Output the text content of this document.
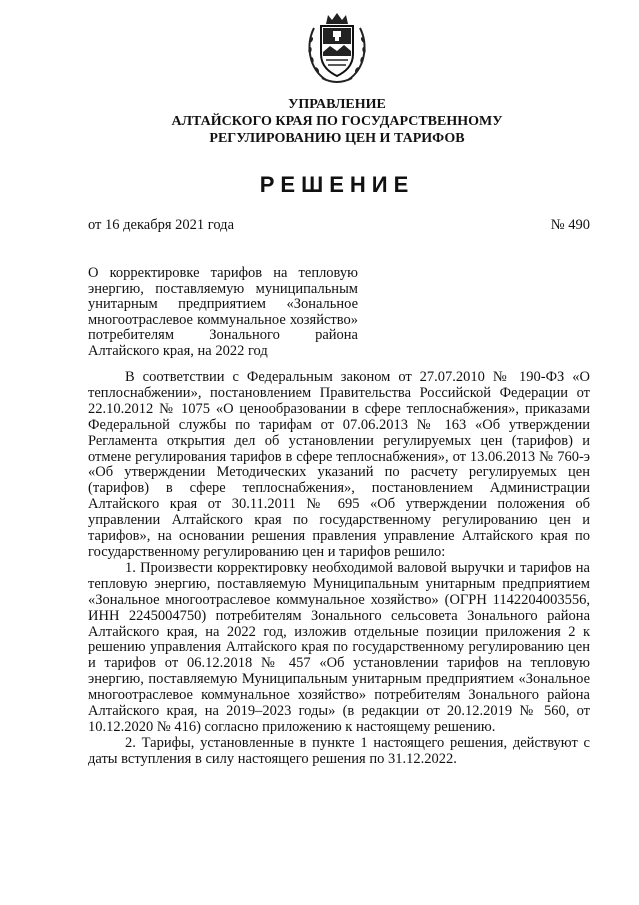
УПРАВЛЕНИЕ

АЛТАЙСКОГО КРАЯ ПО ГОСУДАРСТВЕННОМУ

РЕГУЛИРОВАНИЮ ЦЕН И ТАРИФОВ

РЕШЕНИЕ

от 16 декабря 2021 года	№ 490

О корректировке тарифов на тепловую энергию, поставляемую муниципальным унитарным предприятием «Зональное многоотраслевое коммунальное хозяйство» потребителям Зонального района Алтайского края, на 2022 год

В соответствии с Федеральным законом от 27.07.2010 № 190-ФЗ «О теплоснабжении», постановлением Правительства Российской Федерации от 22.10.2012 № 1075 «О ценообразовании в сфере теплоснабжения», приказами Федеральной службы по тарифам от 07.06.2013 № 163 «Об утверждении Регламента открытия дел об установлении регулируемых цен (тарифов) и отмене регулирования тарифов в сфере теплоснабжения», от 13.06.2013 № 760-э «Об утверждении Методических указаний по расчету регулируемых цен (тарифов) в сфере теплоснабжения», постановлением Администрации Алтайского края от 30.11.2011 № 695 «Об утверждении положения об управлении Алтайского края по государственному регулированию цен и тарифов», на основании решения правления управление Алтайского края по государственному регулированию цен и тарифов решило:

1. Произвести корректировку необходимой валовой выручки и тарифов на тепловую энергию, поставляемую Муниципальным унитарным предприятием «Зональное многоотраслевое коммунальное хозяйство» (ОГРН 1142204003556, ИНН 2245004750) потребителям Зонального сельсовета Зонального района Алтайского края, на 2022 год, изложив отдельные позиции приложения 2 к решению управления Алтайского края по государственному регулированию цен и тарифов от 06.12.2018 № 457 «Об установлении тарифов на тепловую энергию, поставляемую Муниципальным унитарным предприятием «Зональное многоотраслевое коммунальное хозяйство» потребителям Зонального района Алтайского края, на 2019–2023 годы» (в редакции от 20.12.2019 № 560, от 10.12.2020 № 416) согласно приложению к настоящему решению.

2. Тарифы, установленные в пункте 1 настоящего решения, действуют с даты вступления в силу настоящего решения по 31.12.2022.
